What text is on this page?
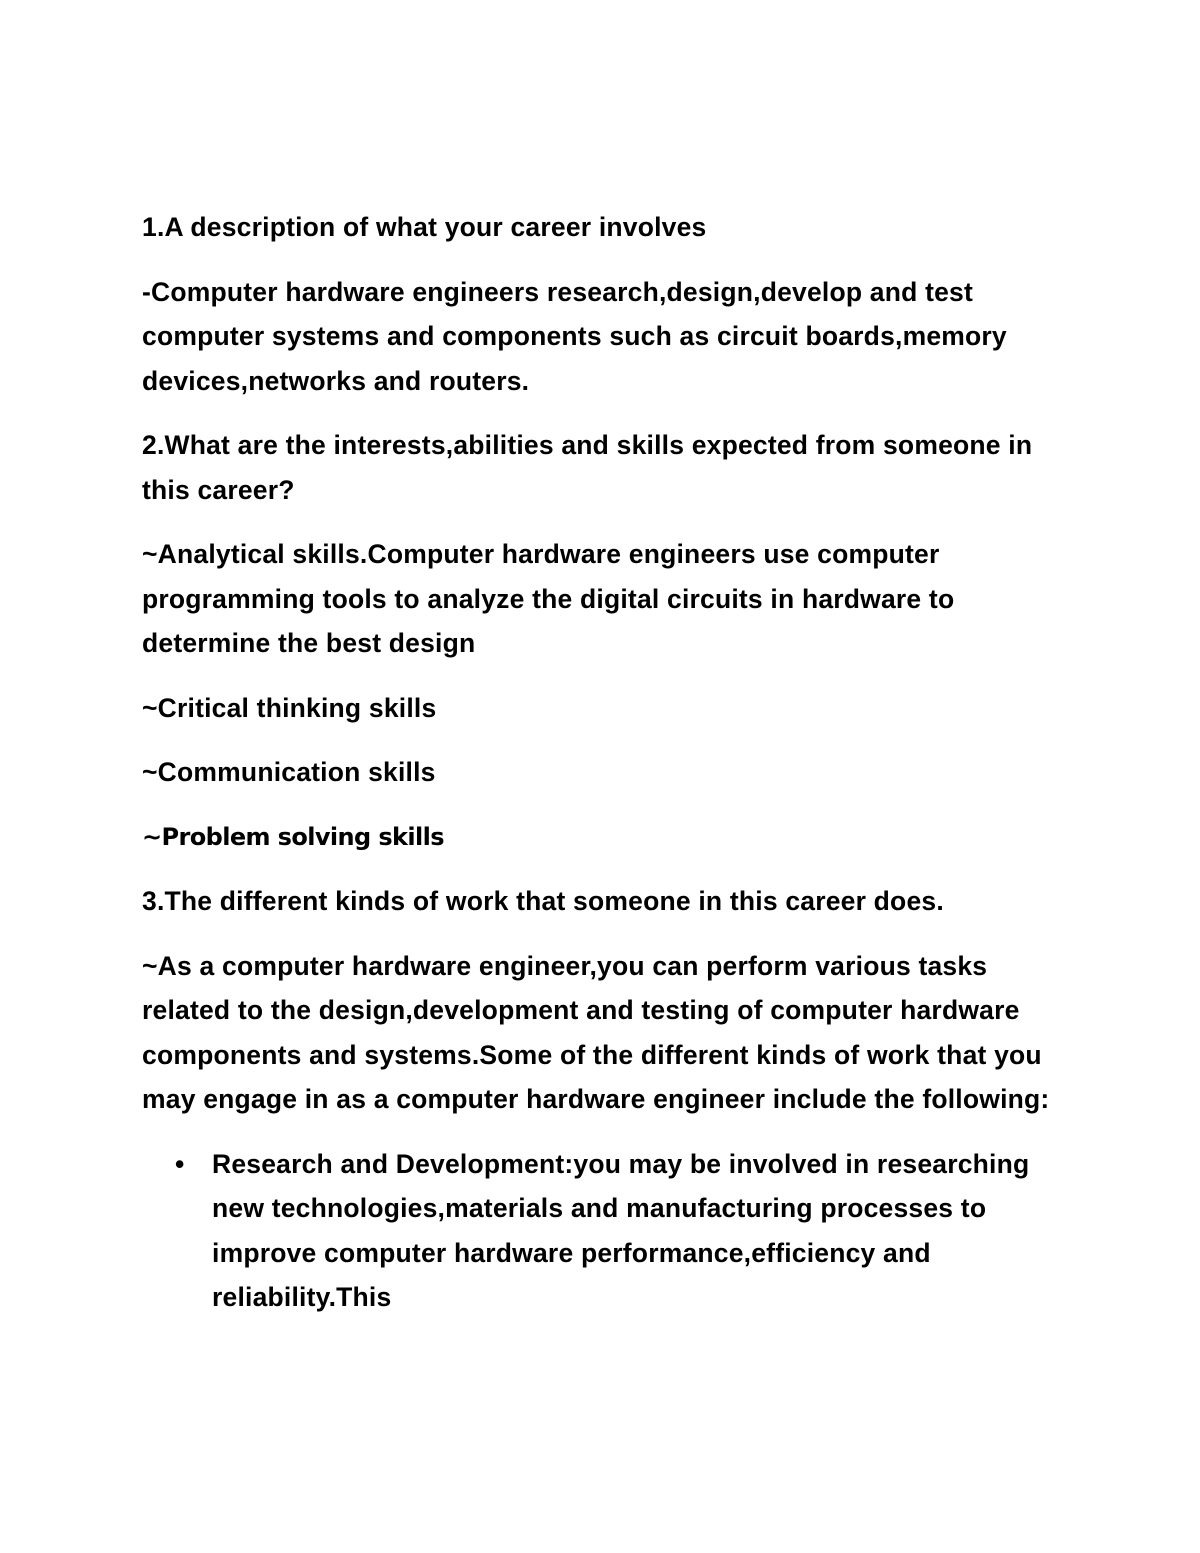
1.A description of what your career involves

-Computer hardware engineers research,design,develop and test computer systems and components such as circuit boards,memory devices,networks and routers.

2.What are the interests,abilities and skills expected from someone in this career?

~Analytical skills.Computer hardware engineers use computer programming tools to analyze the digital circuits in hardware to determine the best design

~Critical thinking skills

~Communication skills

~Problem solving skills

3.The different kinds of work that someone in this career does.

~As a computer hardware engineer,you can perform various tasks related to the design,development and testing of computer hardware components and systems.Some of the different kinds of work that you may engage in as a computer hardware engineer include the following:

• Research and Development:you may be involved in researching new technologies,materials and manufacturing processes to improve computer hardware performance,efficiency and reliability.This
